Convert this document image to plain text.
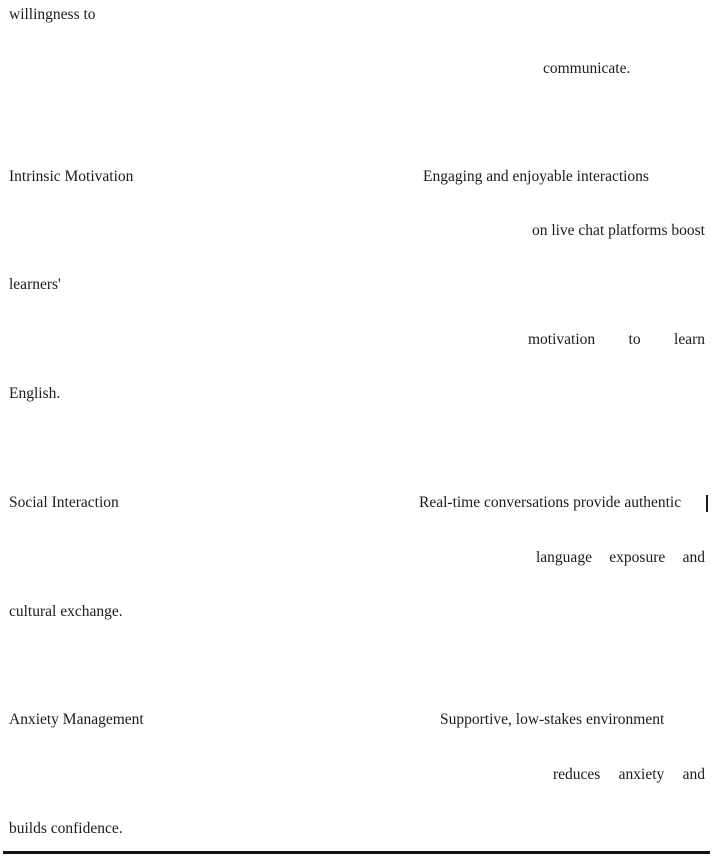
willingness to
communicate.
Intrinsic Motivation	Engaging and enjoyable interactions
on live chat platforms boost
learners'
motivation to learn
English.
Social Interaction	Real-time conversations provide authentic
language exposure and
cultural exchange.
Anxiety Management	Supportive, low-stakes environment
reduces anxiety and
builds confidence.
